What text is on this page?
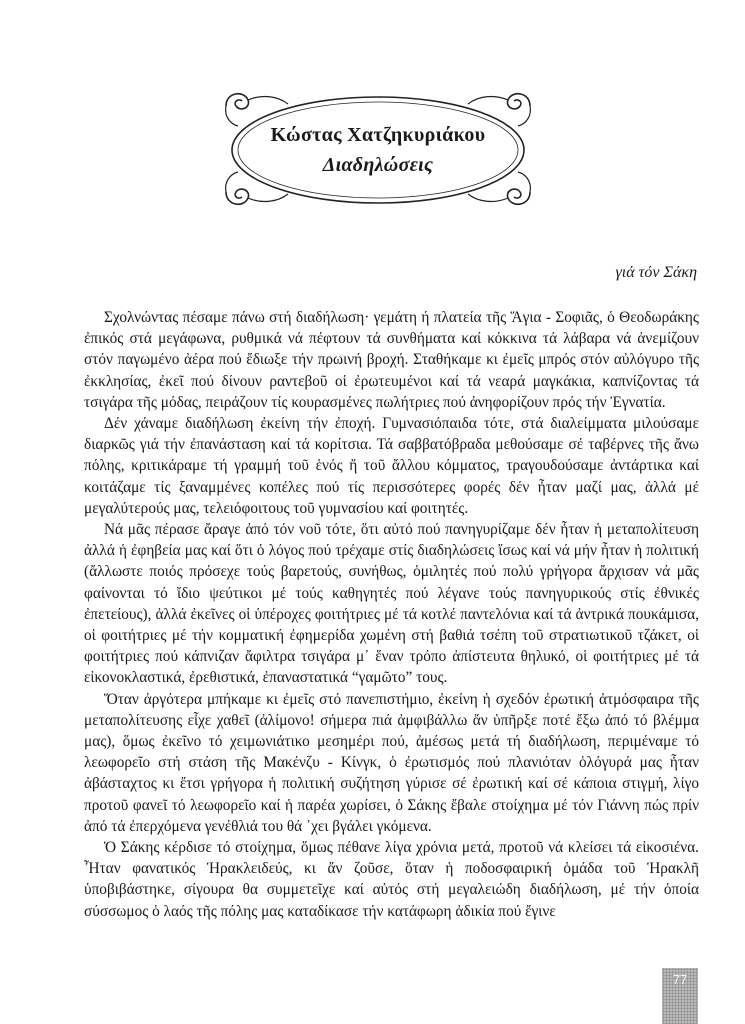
Κώστας Χατζηκυριάκου
Διαδηλώσεις
γιά τόν Σάκη

Σχολνώντας πέσαμε πάνω στή διαδήλωση· γεμάτη ή πλατεία τῆς Ἅγια - Σοφιᾶς, ὁ Θεοδωράκης ἐπικός στά μεγάφωνα, ρυθμικά νά πέφτουν τά συνθήματα καί κόκκινα τά λάβαρα νά ἀνεμίζουν στόν παγωμένο ἀέρα πού ἔδιωξε τήν πρωινή βροχή. Σταθήκαμε κι ἐμεῖς μπρός στόν αὐλόγυρο τῆς ἐκκλησίας, ἐκεῖ πού δίνουν ραντεβοῦ οἱ ἐρωτευμένοι καί τά νεαρά μαγκάκια, καπνίζοντας τά τσιγάρα τῆς μόδας, πειράζουν τίς κουρασμένες πωλήτριες πού ἀνηφορίζουν πρός τήν Ἐγνατία.

Δέν χάναμε διαδήλωση ἐκείνη τήν ἐποχή. Γυμνασιόπαιδα τότε, στά διαλείμματα μιλούσαμε διαρκῶς γιά τήν ἐπανάσταση καί τά κορίτσια. Τά σαββατόβραδα μεθούσαμε σέ ταβέρνες τῆς ἄνω πόλης, κριτικάραμε τή γραμμή τοῦ ἑνός ἤ τοῦ ἄλλου κόμματος, τραγουδούσαμε ἀντάρτικα καί κοιτάζαμε τίς ξαναμμένες κοπέλες πού τίς περισσότερες φορές δέν ἦταν μαζί μας, ἀλλά μέ μεγαλύτερούς μας, τελειόφοιτους τοῦ γυμνασίου καί φοιτητές.

Νά μᾶς πέρασε ἄραγε ἀπό τόν νοῦ τότε, ὅτι αὐτό πού πανηγυρίζαμε δέν ἦταν ἡ μεταπολίτευση ἀλλά ἡ ἐφηβεία μας καί ὅτι ὁ λόγος πού τρέχαμε στίς διαδηλώσεις ἴσως καί νά μήν ἦταν ἡ πολιτική (ἄλλωστε ποιός πρόσεχε τούς βαρετούς, συνήθως, ὁμιλητές πού πολύ γρήγορα ἄρχισαν νά μᾶς φαίνονται τό ἴδιο ψεύτικοι μέ τούς καθηγητές πού λέγανε τούς πανηγυρικούς στίς ἐθνικές ἐπετείους), ἀλλά ἐκεῖνες οἱ ὑπέροχες φοιτήτριες μέ τά κοτλέ παντελόνια καί τά ἀντρικά πουκάμισα, οἱ φοιτήτριες μέ τήν κομματική ἐφημερίδα χωμένη στή βαθιά τσέπη τοῦ στρατιωτικοῦ τζάκετ, οἱ φοιτήτριες πού κάπνιζαν ἄφιλτρα τσιγάρα μ᾿ ἕναν τρόπο ἀπίστευτα θηλυκό, οἱ φοιτήτριες μέ τά εἰκονοκλαστικά, ἐρεθιστικά, ἐπαναστατικά “γαμῶτο” τους.

Ὅταν ἀργότερα μπήκαμε κι ἐμεῖς στό πανεπιστήμιο, ἐκείνη ἡ σχεδόν ἐρωτική ἀτμόσφαιρα τῆς μεταπολίτευσης εἶχε χαθεῖ (ἀλίμονο! σήμερα πιά ἀμφιβάλλω ἄν ὑπῆρξε ποτέ ἔξω ἀπό τό βλέμμα μας), ὅμως ἐκεῖνο τό χειμωνιάτικο μεσημέρι πού, ἀμέσως μετά τή διαδήλωση, περιμέναμε τό λεωφορεῖο στή στάση τῆς Μακένζυ - Κίνγκ, ὁ ἐρωτισμός πού πλανιόταν ὁλόγυρά μας ἦταν ἀβάσταχτος κι ἔτσι γρήγορα ἡ πολιτική συζήτηση γύρισε σέ ἐρωτική καί σέ κάποια στιγμή, λίγο προτοῦ φανεῖ τό λεωφορεῖο καί ἡ παρέα χωρίσει, ὁ Σάκης ἔβαλε στοίχημα μέ τόν Γιάννη πώς πρίν ἀπό τά ἐπερχόμενα γενέθλιά του θά ᾿χει βγάλει γκόμενα.

Ὁ Σάκης κέρδισε τό στοίχημα, ὅμως πέθανε λίγα χρόνια μετά, προτοῦ νά κλείσει τά εἰκοσιένα. Ἦταν φανατικός Ἡρακλειδεύς, κι ἄν ζοῦσε, ὅταν ἡ ποδοσφαιρική ὁμάδα τοῦ Ἡρακλῆ ὑποβιβάστηκε, σίγουρα θα συμμετεῖχε καί αὐτός στή μεγαλειώδη διαδήλωση, μέ τήν ὁποία σύσσωμος ὁ λαός τῆς πόλης μας καταδίκασε τήν κατάφωρη ἀδικία πού ἔγινε

77
